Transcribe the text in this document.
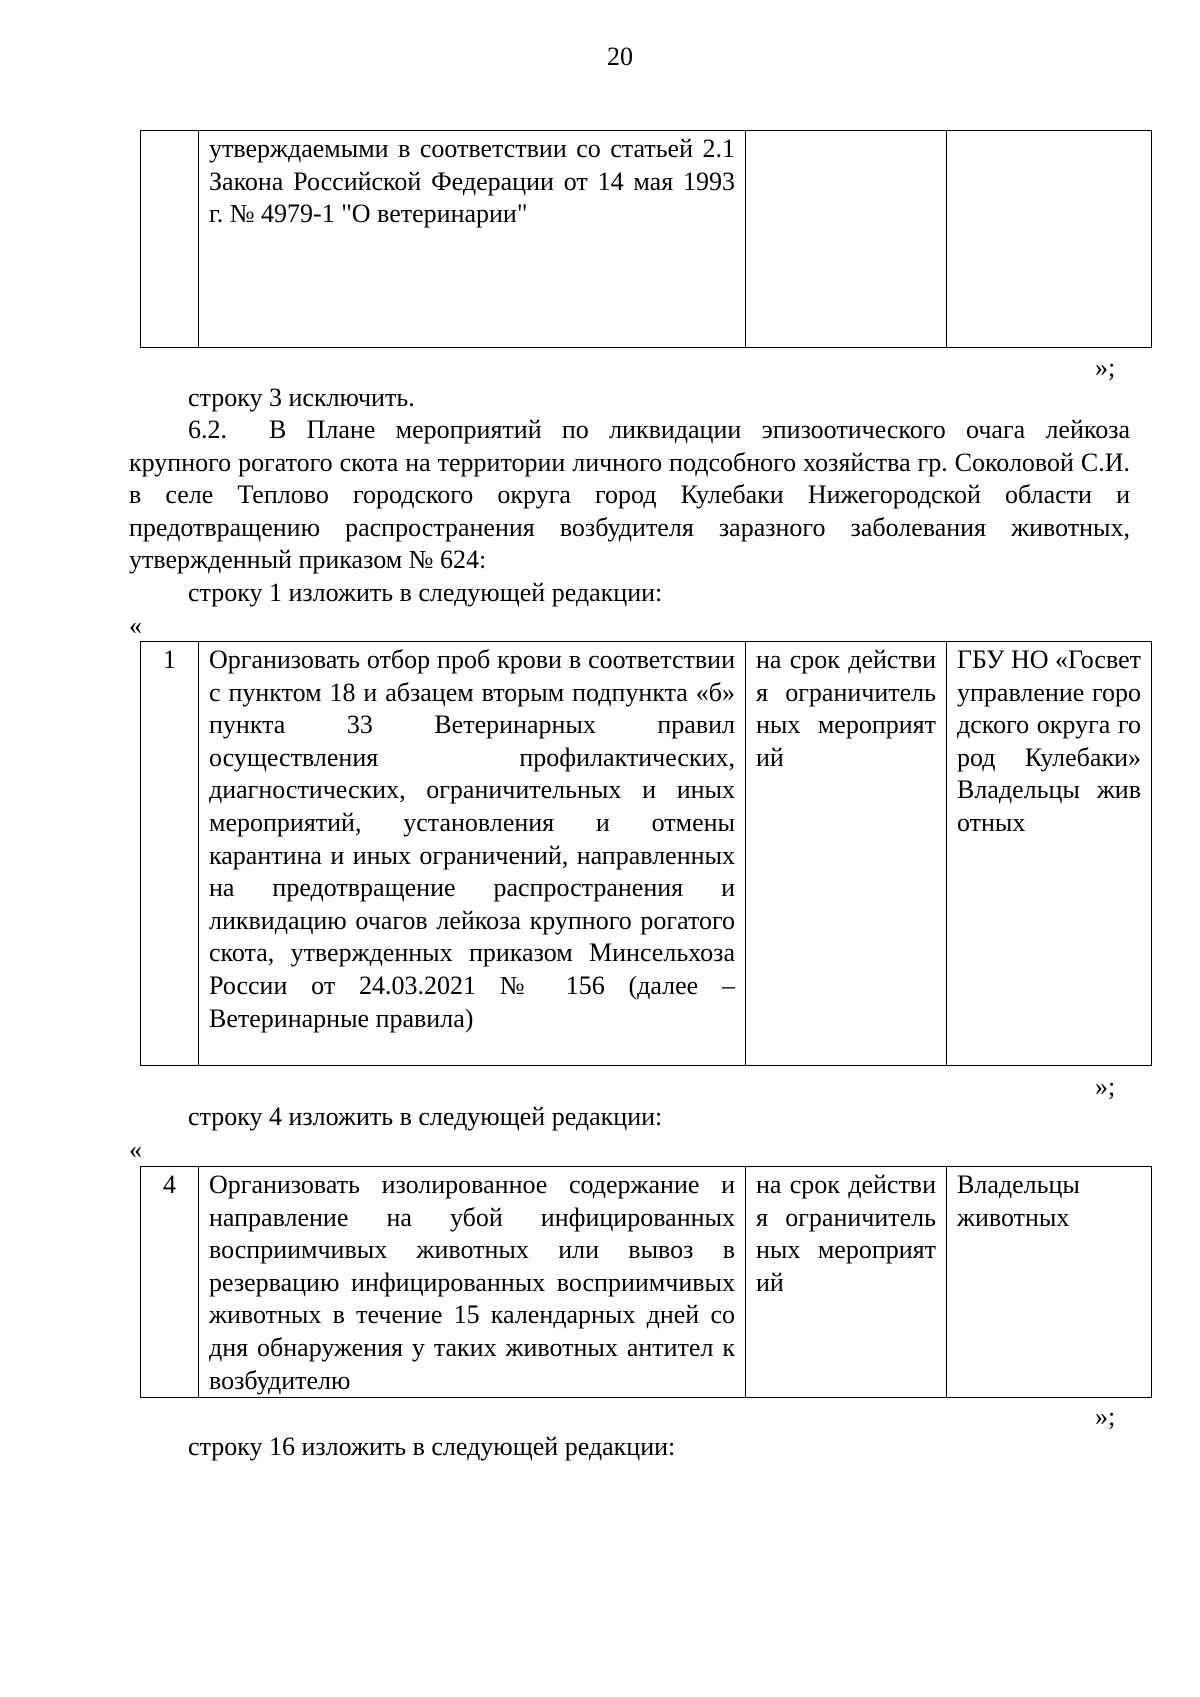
20
	утверждаемыми в соответствии со статьей 2.1 Закона Российской Федерации от 14 мая 1993 г. № 4979-1 "О ветеринарии"		
»;
строку 3 исключить.
6.2. В Плане мероприятий по ликвидации эпизоотического очага лейкоза крупного рогатого скота на территории личного подсобного хозяйства гр. Соколовой С.И. в селе Теплово городского округа город Кулебаки Нижегородской области и предотвращению распространения возбудителя заразного заболевания животных, утвержденный приказом № 624:
строку 1 изложить в следующей редакции:
«
1	Организовать отбор проб крови в соответствии с пунктом 18 и абзацем вторым подпункта «б» пункта 33 Ветеринарных правил осуществления профилактических, диагностических, ограничительных и иных мероприятий, установления и отмены карантина и иных ограничений, направленных на предотвращение распространения и ликвидацию очагов лейкоза крупного рогатого скота, утвержденных приказом Минсельхоза России от 24.03.2021 № 156 (далее – Ветеринарные правила)	на срок действия ограничительных мероприятий	ГБУ НО «Госветуправление городского округа город Кулебаки» Владельцы животных
»;
строку 4 изложить в следующей редакции:
«
4	Организовать изолированное содержание и направление на убой инфицированных восприимчивых животных или вывоз в резервацию инфицированных восприимчивых животных в течение 15 календарных дней со дня обнаружения у таких животных антител к возбудителю	на срок действия ограничительных мероприятий	Владельцы животных
»;
строку 16 изложить в следующей редакции:
